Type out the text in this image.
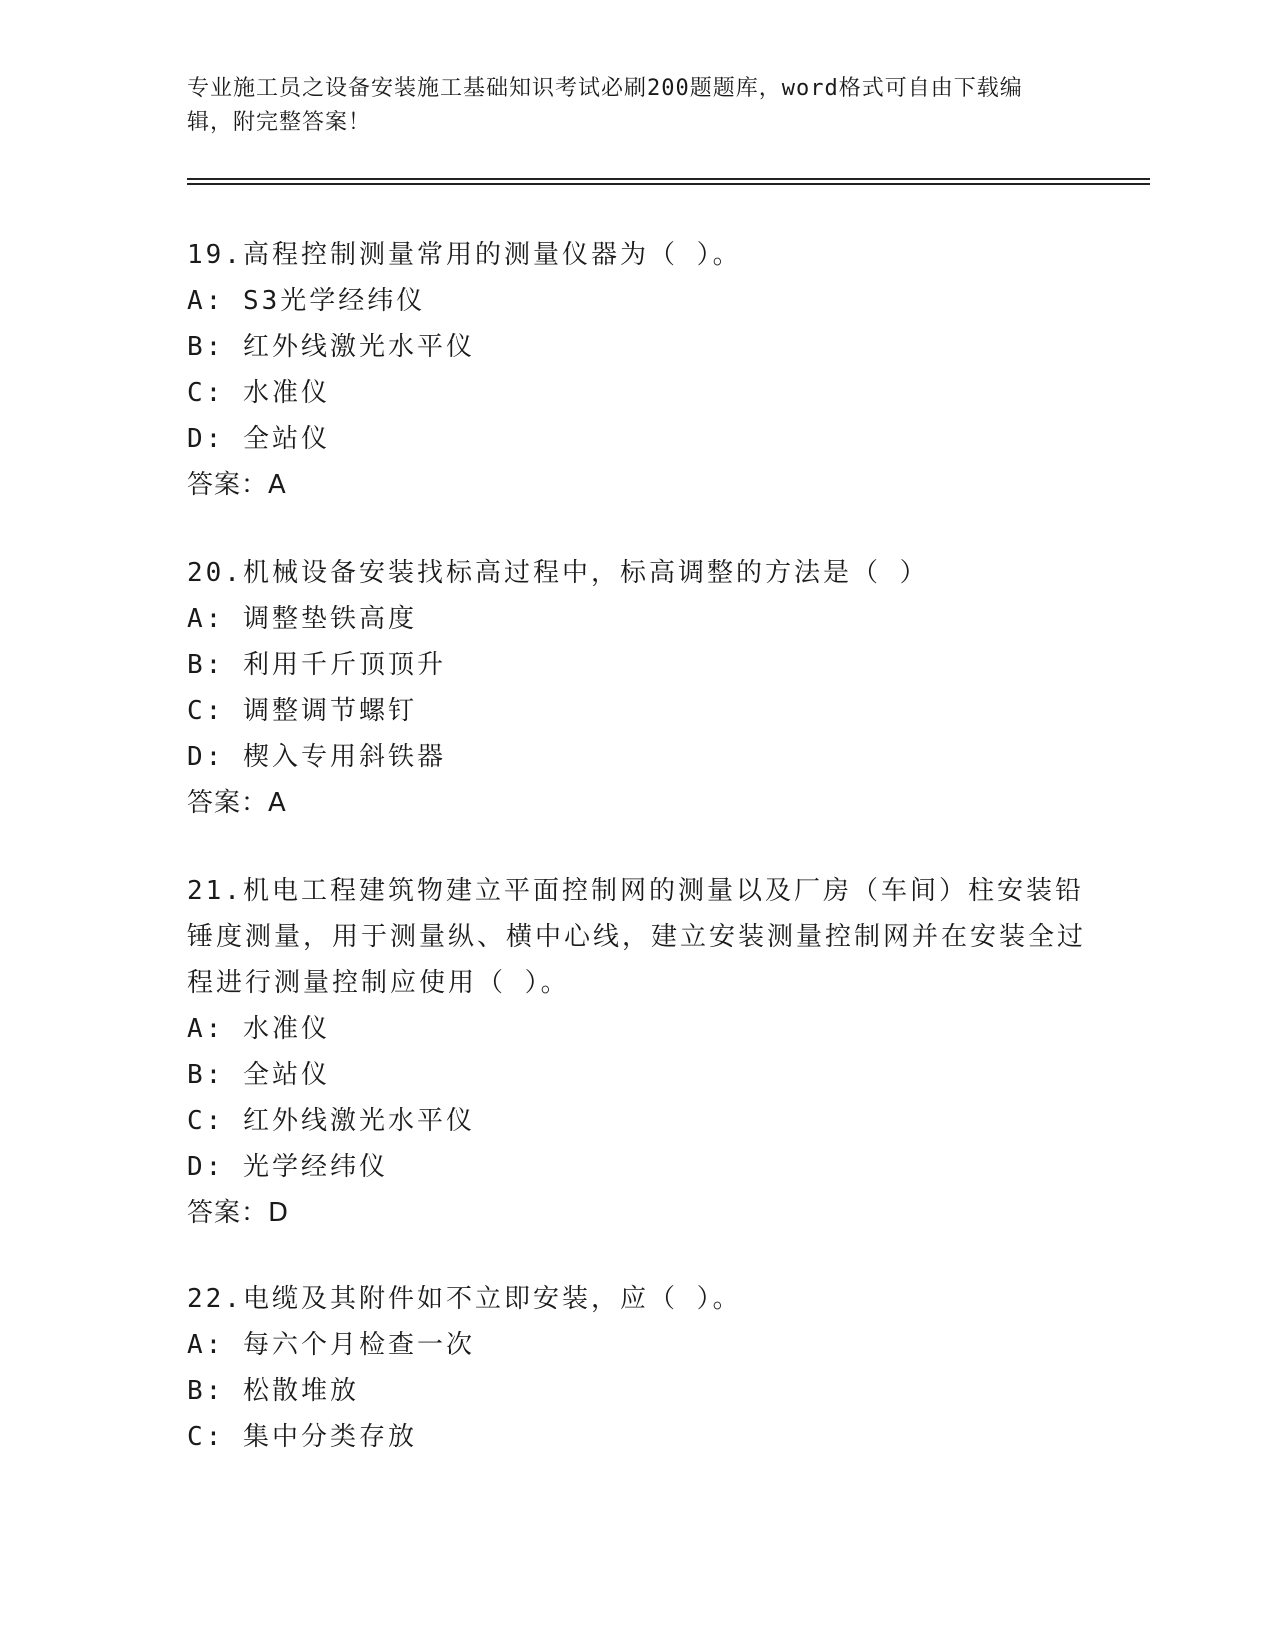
专业施工员之设备安装施工基础知识考试必刷200题题库，word格式可自由下载编辑，附完整答案！

19.高程控制测量常用的测量仪器为（ ）。

A: S3光学经纬仪

B: 红外线激光水平仪

C: 水准仪

D: 全站仪

答案：A

20.机械设备安装找标高过程中，标高调整的方法是（ ）

A: 调整垫铁高度

B: 利用千斤顶顶升

C: 调整调节螺钉

D: 楔入专用斜铁器

答案：A

21.机电工程建筑物建立平面控制网的测量以及厂房（车间）柱安装铅锤度测量，用于测量纵、横中心线，建立安装测量控制网并在安装全过程进行测量控制应使用（ ）。

A: 水准仪

B: 全站仪

C: 红外线激光水平仪

D: 光学经纬仪

答案：D

22.电缆及其附件如不立即安装，应（ ）。

A: 每六个月检查一次

B: 松散堆放

C: 集中分类存放
